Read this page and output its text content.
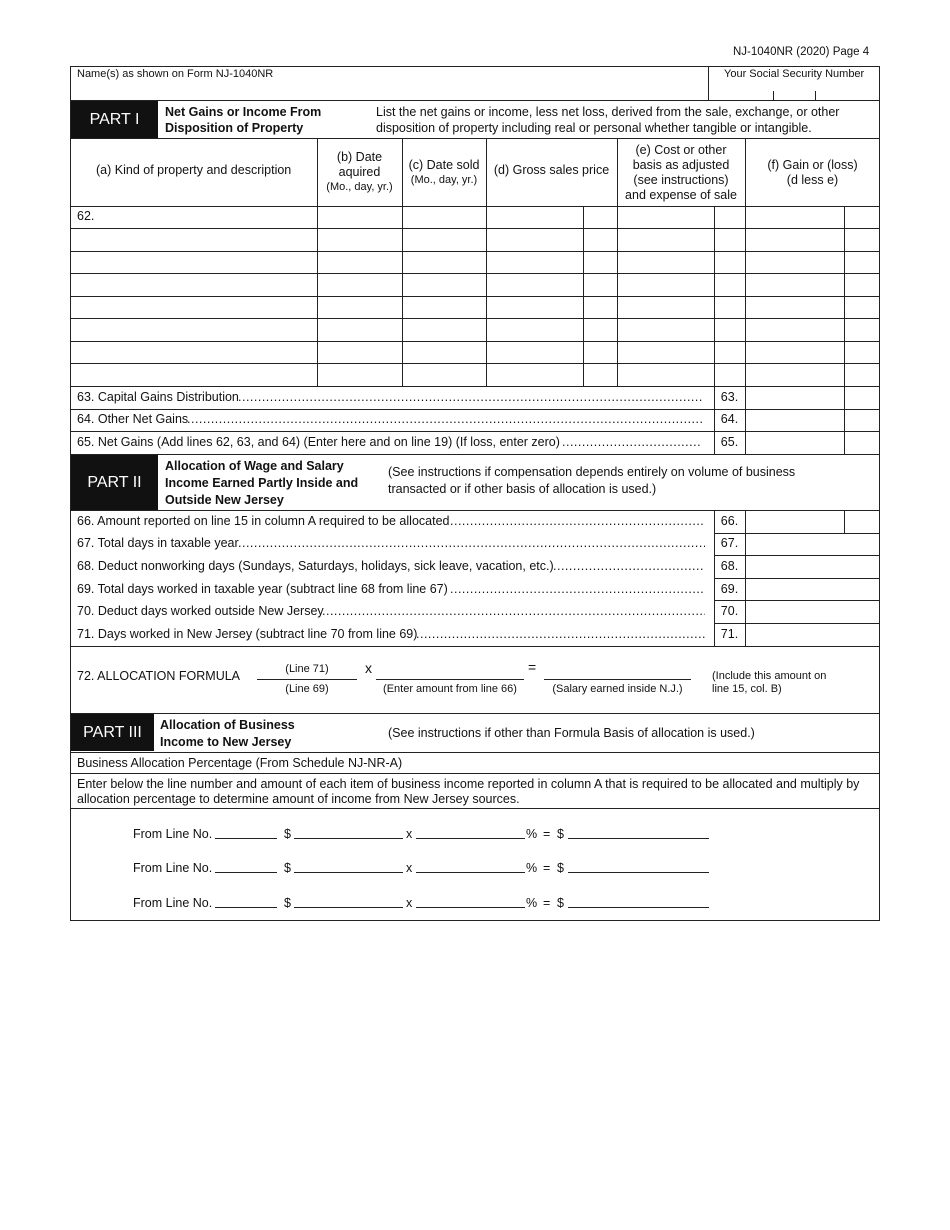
NJ-1040NR (2020) Page 4
Name(s) as shown on Form NJ-1040NR	Your Social Security Number
PART I	Net Gains or Income From
Disposition of Property
List the net gains or income, less net loss, derived from the sale, exchange, or other
disposition of property including real or personal whether tangible or intangible.
(a) Kind of property and description
(b) Date
aquired
(Mo., day, yr.)
(c) Date sold
(Mo., day, yr.)
(d) Gross sales price
(e) Cost or other
basis as adjusted
(see instructions)
and expense of sale
(f) Gain or (loss)
(d less e)
62.
63. Capital Gains Distribution .....	63.
64. Other Net Gains .....	64.
65. Net Gains (Add lines 62, 63, and 64) (Enter here and on line 19) (If loss, enter zero) .....	65.
PART II
Allocation of Wage and Salary
Income Earned Partly Inside and
Outside New Jersey
(See instructions if compensation depends entirely on volume of business
transacted or if other basis of allocation is used.)
66. Amount reported on line 15 in column A required to be allocated .....	66.
67. Total days in taxable year .....	67.
68. Deduct nonworking days (Sundays, Saturdays, holidays, sick leave, vacation, etc.) .....	68.
69. Total days worked in taxable year (subtract line 68 from line 67) .....	69.
70. Deduct days worked outside New Jersey .....	70.
71. Days worked in New Jersey (subtract line 70 from line 69) .....	71.
72. ALLOCATION FORMULA	(Line 71)
(Line 69)
x
(Enter amount from line 66)
=
(Salary earned inside N.J.)
(Include this amount on
line 15, col. B)
PART III	Allocation of Business
Income to New Jersey
(See instructions if other than Formula Basis of allocation is used.)
Business Allocation Percentage (From Schedule NJ-NR-A)
Enter below the line number and amount of each item of business income reported in column A that is required to be allocated and multiply by
allocation percentage to determine amount of income from New Jersey sources.
From Line No.	$	x	% = $
From Line No.	$	x	% = $
From Line No.	$	x	% = $
